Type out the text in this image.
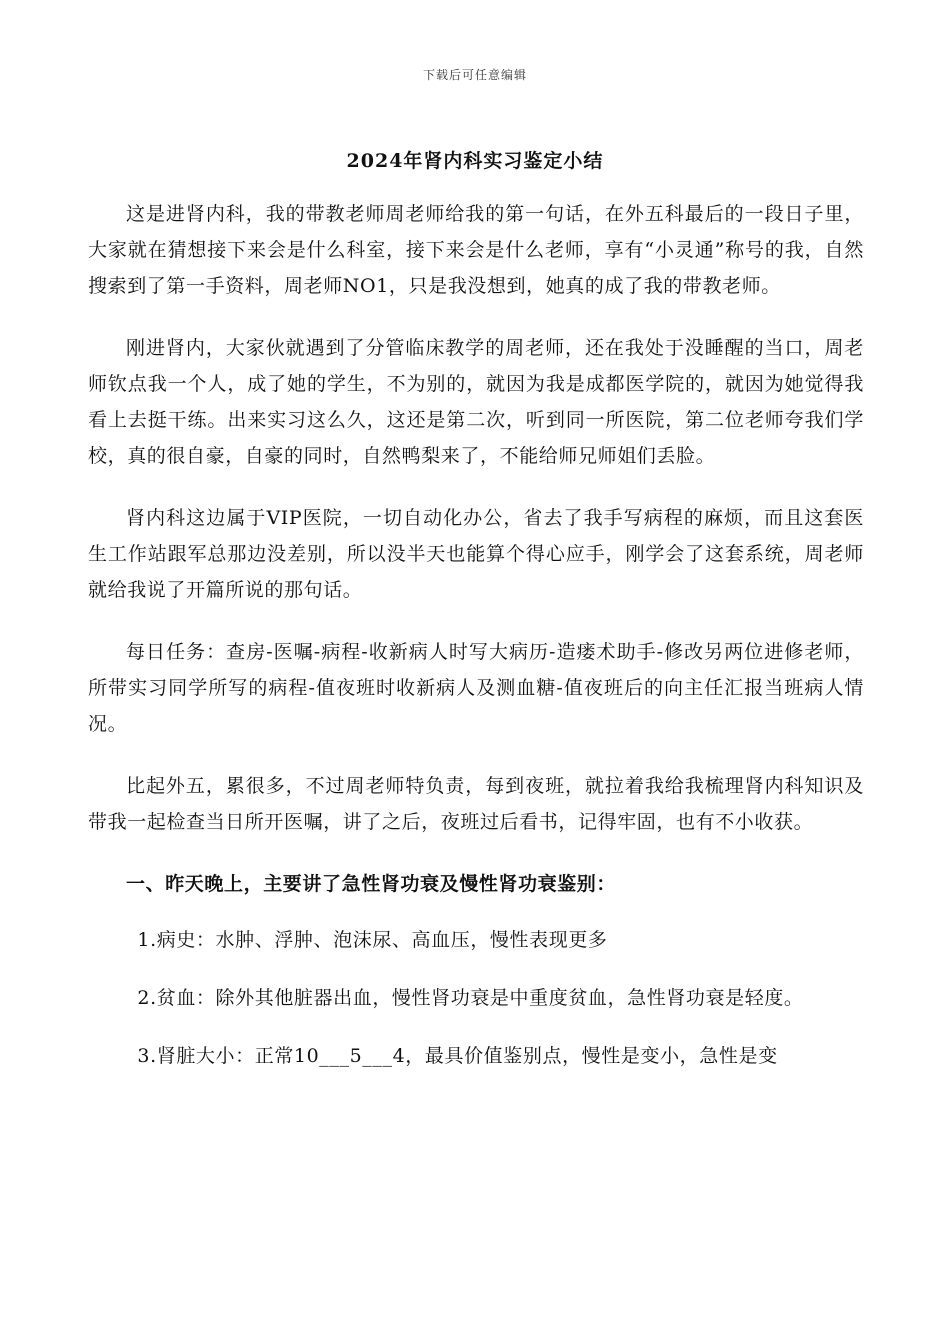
下载后可任意编辑
2024年肾内科实习鉴定小结

这是进肾内科，我的带教老师周老师给我的第一句话，在外五科最后的一段日子里，大家就在猜想接下来会是什么科室，接下来会是什么老师，享有“小灵通”称号的我，自然搜索到了第一手资料，周老师NO1，只是我没想到，她真的成了我的带教老师。

刚进肾内，大家伙就遇到了分管临床教学的周老师，还在我处于没睡醒的当口，周老师钦点我一个人，成了她的学生，不为别的，就因为我是成都医学院的，就因为她觉得我看上去挺干练。出来实习这么久，这还是第二次，听到同一所医院，第二位老师夸我们学校，真的很自豪，自豪的同时，自然鸭梨来了，不能给师兄师姐们丢脸。

肾内科这边属于VIP医院，一切自动化办公，省去了我手写病程的麻烦，而且这套医生工作站跟军总那边没差别，所以没半天也能算个得心应手，刚学会了这套系统，周老师就给我说了开篇所说的那句话。

每日任务：查房-医嘱-病程-收新病人时写大病历-造瘘术助手-修改另两位进修老师，所带实习同学所写的病程-值夜班时收新病人及测血糖-值夜班后的向主任汇报当班病人情况。

比起外五，累很多，不过周老师特负责，每到夜班，就拉着我给我梳理肾内科知识及带我一起检查当日所开医嘱，讲了之后，夜班过后看书，记得牢固，也有不小收获。

一、昨天晚上，主要讲了急性肾功衰及慢性肾功衰鉴别：

1.病史：水肿、浮肿、泡沫尿、高血压，慢性表现更多

2.贫血：除外其他脏器出血，慢性肾功衰是中重度贫血，急性肾功衰是轻度。

3.肾脏大小：正常10___5___4，最具价值鉴别点，慢性是变小，急性是变
